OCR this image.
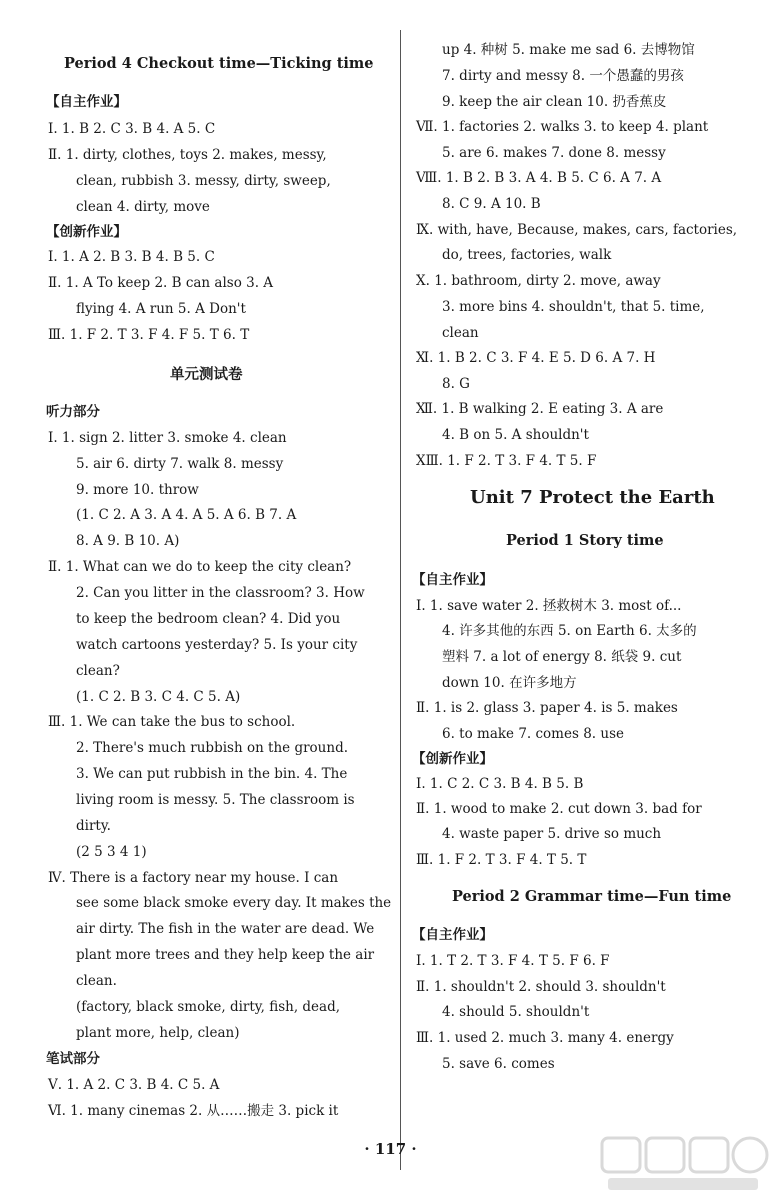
Period 4 Checkout time—Ticking time
【自主作业】
Ⅰ. 1. B 2. C 3. B 4. A 5. C
Ⅱ. 1. dirty, clothes, toys 2. makes, messy,
clean, rubbish 3. messy, dirty, sweep,
clean 4. dirty, move
【创新作业】
Ⅰ. 1. A 2. B 3. B 4. B 5. C
Ⅱ. 1. A To keep 2. B can also 3. A
flying 4. A run 5. A Don't
Ⅲ. 1. F 2. T 3. F 4. F 5. T 6. T
单元测试卷
听力部分
Ⅰ. 1. sign 2. litter 3. smoke 4. clean
5. air 6. dirty 7. walk 8. messy
9. more 10. throw
(1. C 2. A 3. A 4. A 5. A 6. B 7. A
8. A 9. B 10. A)
Ⅱ. 1. What can we do to keep the city clean?
2. Can you litter in the classroom? 3. How
to keep the bedroom clean? 4. Did you
watch cartoons yesterday? 5. Is your city
clean?
(1. C 2. B 3. C 4. C 5. A)
Ⅲ. 1. We can take the bus to school.
2. There's much rubbish on the ground.
3. We can put rubbish in the bin. 4. The
living room is messy. 5. The classroom is
dirty.
(2 5 3 4 1)
Ⅳ. There is a factory near my house. I can
see some black smoke every day. It makes the
air dirty. The fish in the water are dead. We
plant more trees and they help keep the air
clean.
(factory, black smoke, dirty, fish, dead,
plant more, help, clean)
笔试部分
Ⅴ. 1. A 2. C 3. B 4. C 5. A
Ⅵ. 1. many cinemas 2. 从……搬走 3. pick it
up 4. 种树 5. make me sad 6. 去博物馆
7. dirty and messy 8. 一个愚蠢的男孩
9. keep the air clean 10. 扔香蕉皮
Ⅶ. 1. factories 2. walks 3. to keep 4. plant
5. are 6. makes 7. done 8. messy
Ⅷ. 1. B 2. B 3. A 4. B 5. C 6. A 7. A
8. C 9. A 10. B
Ⅸ. with, have, Because, makes, cars, factories,
do, trees, factories, walk
Ⅹ. 1. bathroom, dirty 2. move, away
3. more bins 4. shouldn't, that 5. time,
clean
Ⅺ. 1. B 2. C 3. F 4. E 5. D 6. A 7. H
8. G
Ⅻ. 1. B walking 2. E eating 3. A are
4. B on 5. A shouldn't
ⅩⅢ. 1. F 2. T 3. F 4. T 5. F
Unit 7 Protect the Earth
Period 1 Story time
【自主作业】
Ⅰ. 1. save water 2. 拯救树木 3. most of...
4. 许多其他的东西 5. on Earth 6. 太多的
塑料 7. a lot of energy 8. 纸袋 9. cut
down 10. 在许多地方
Ⅱ. 1. is 2. glass 3. paper 4. is 5. makes
6. to make 7. comes 8. use
【创新作业】
Ⅰ. 1. C 2. C 3. B 4. B 5. B
Ⅱ. 1. wood to make 2. cut down 3. bad for
4. waste paper 5. drive so much
Ⅲ. 1. F 2. T 3. F 4. T 5. T
Period 2 Grammar time—Fun time
【自主作业】
Ⅰ. 1. T 2. T 3. F 4. T 5. F 6. F
Ⅱ. 1. shouldn't 2. should 3. shouldn't
4. should 5. shouldn't
Ⅲ. 1. used 2. much 3. many 4. energy
5. save 6. comes
· 117 ·
